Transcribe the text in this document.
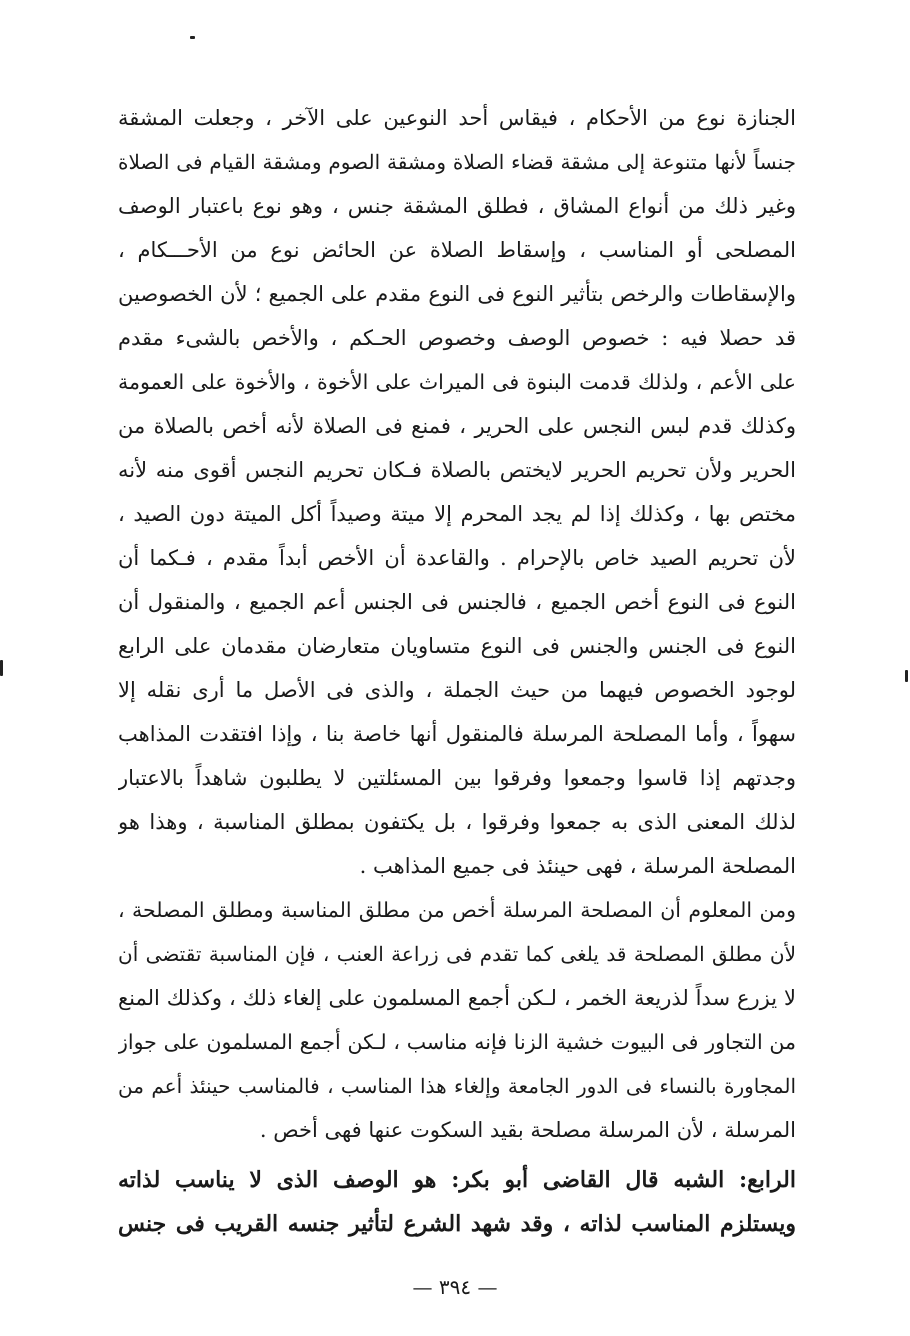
الجنازة نوع من الأحكام ، فيقاس أحد النوعين على الآخر ، وجعلت المشقة
جنساً لأنها متنوعة إلى مشقة قضاء الصلاة ومشقة الصوم ومشقة القيام فى الصلاة
وغير ذلك من أنواع المشاق ، فطلق المشقة جنس ، وهو نوع باعتبار الوصف
المصلحى أو المناسب ، وإسقاط الصلاة عن الحائض نوع من الأحـــكام ،
والإسقاطات والرخص بتأثير النوع فى النوع مقدم على الجميع ؛ لأن الخصوصين
قد حصلا فيه : خصوص الوصف وخصوص الحـكم ، والأخص بالشىء مقدم
على الأعم ، ولذلك قدمت البنوة فى الميراث على الأخوة ، والأخوة على العمومة
وكذلك قدم لبس النجس على الحرير ، فمنع فى الصلاة لأنه أخص بالصلاة من
الحرير ولأن تحريم الحرير لايختص بالصلاة فـكان تحريم النجس أقوى منه لأنه
مختص بها ، وكذلك إذا لم يجد المحرم إلا ميتة وصيداً أكل الميتة دون الصيد ،
لأن تحريم الصيد خاص بالإحرام . والقاعدة أن الأخص أبداً مقدم ، فـكما أن
النوع فى النوع أخص الجميع ، فالجنس فى الجنس أعم الجميع ، والمنقول أن
النوع فى الجنس والجنس فى النوع متساويان متعارضان مقدمان على الرابع
لوجود الخصوص فيهما من حيث الجملة ، والذى فى الأصل ما أرى نقله إلا
سهواً ، وأما المصلحة المرسلة فالمنقول أنها خاصة بنا ، وإذا افتقدت المذاهب
وجدتهم إذا قاسوا وجمعوا وفرقوا بين المسئلتين لا يطلبون شاهداً بالاعتبار
لذلك المعنى الذى به جمعوا وفرقوا ، بل يكتفون بمطلق المناسبة ، وهذا هو
المصلحة المرسلة ، فهى حينئذ فى جميع المذاهب .
ومن المعلوم أن المصلحة المرسلة أخص من مطلق المناسبة ومطلق المصلحة ،
لأن مطلق المصلحة قد يلغى كما تقدم فى زراعة العنب ، فإن المناسبة تقتضى أن
لا يزرع سداً لذريعة الخمر ، لـكن أجمع المسلمون على إلغاء ذلك ، وكذلك المنع
من التجاور فى البيوت خشية الزنا فإنه مناسب ، لـكن أجمع المسلمون على جواز
المجاورة بالنساء فى الدور الجامعة وإلغاء هذا المناسب ، فالمناسب حينئذ أعم من
المرسلة ، لأن المرسلة مصلحة بقيد السكوت عنها فهى أخص .
الرابع: الشبه قال القاضى أبو بكر: هو الوصف الذى لا يناسب لذاته
ويستلزم المناسب لذاته ، وقد شهد الشرع لتأثير جنسه القريب فى جنس
— ٣٩٤ —
